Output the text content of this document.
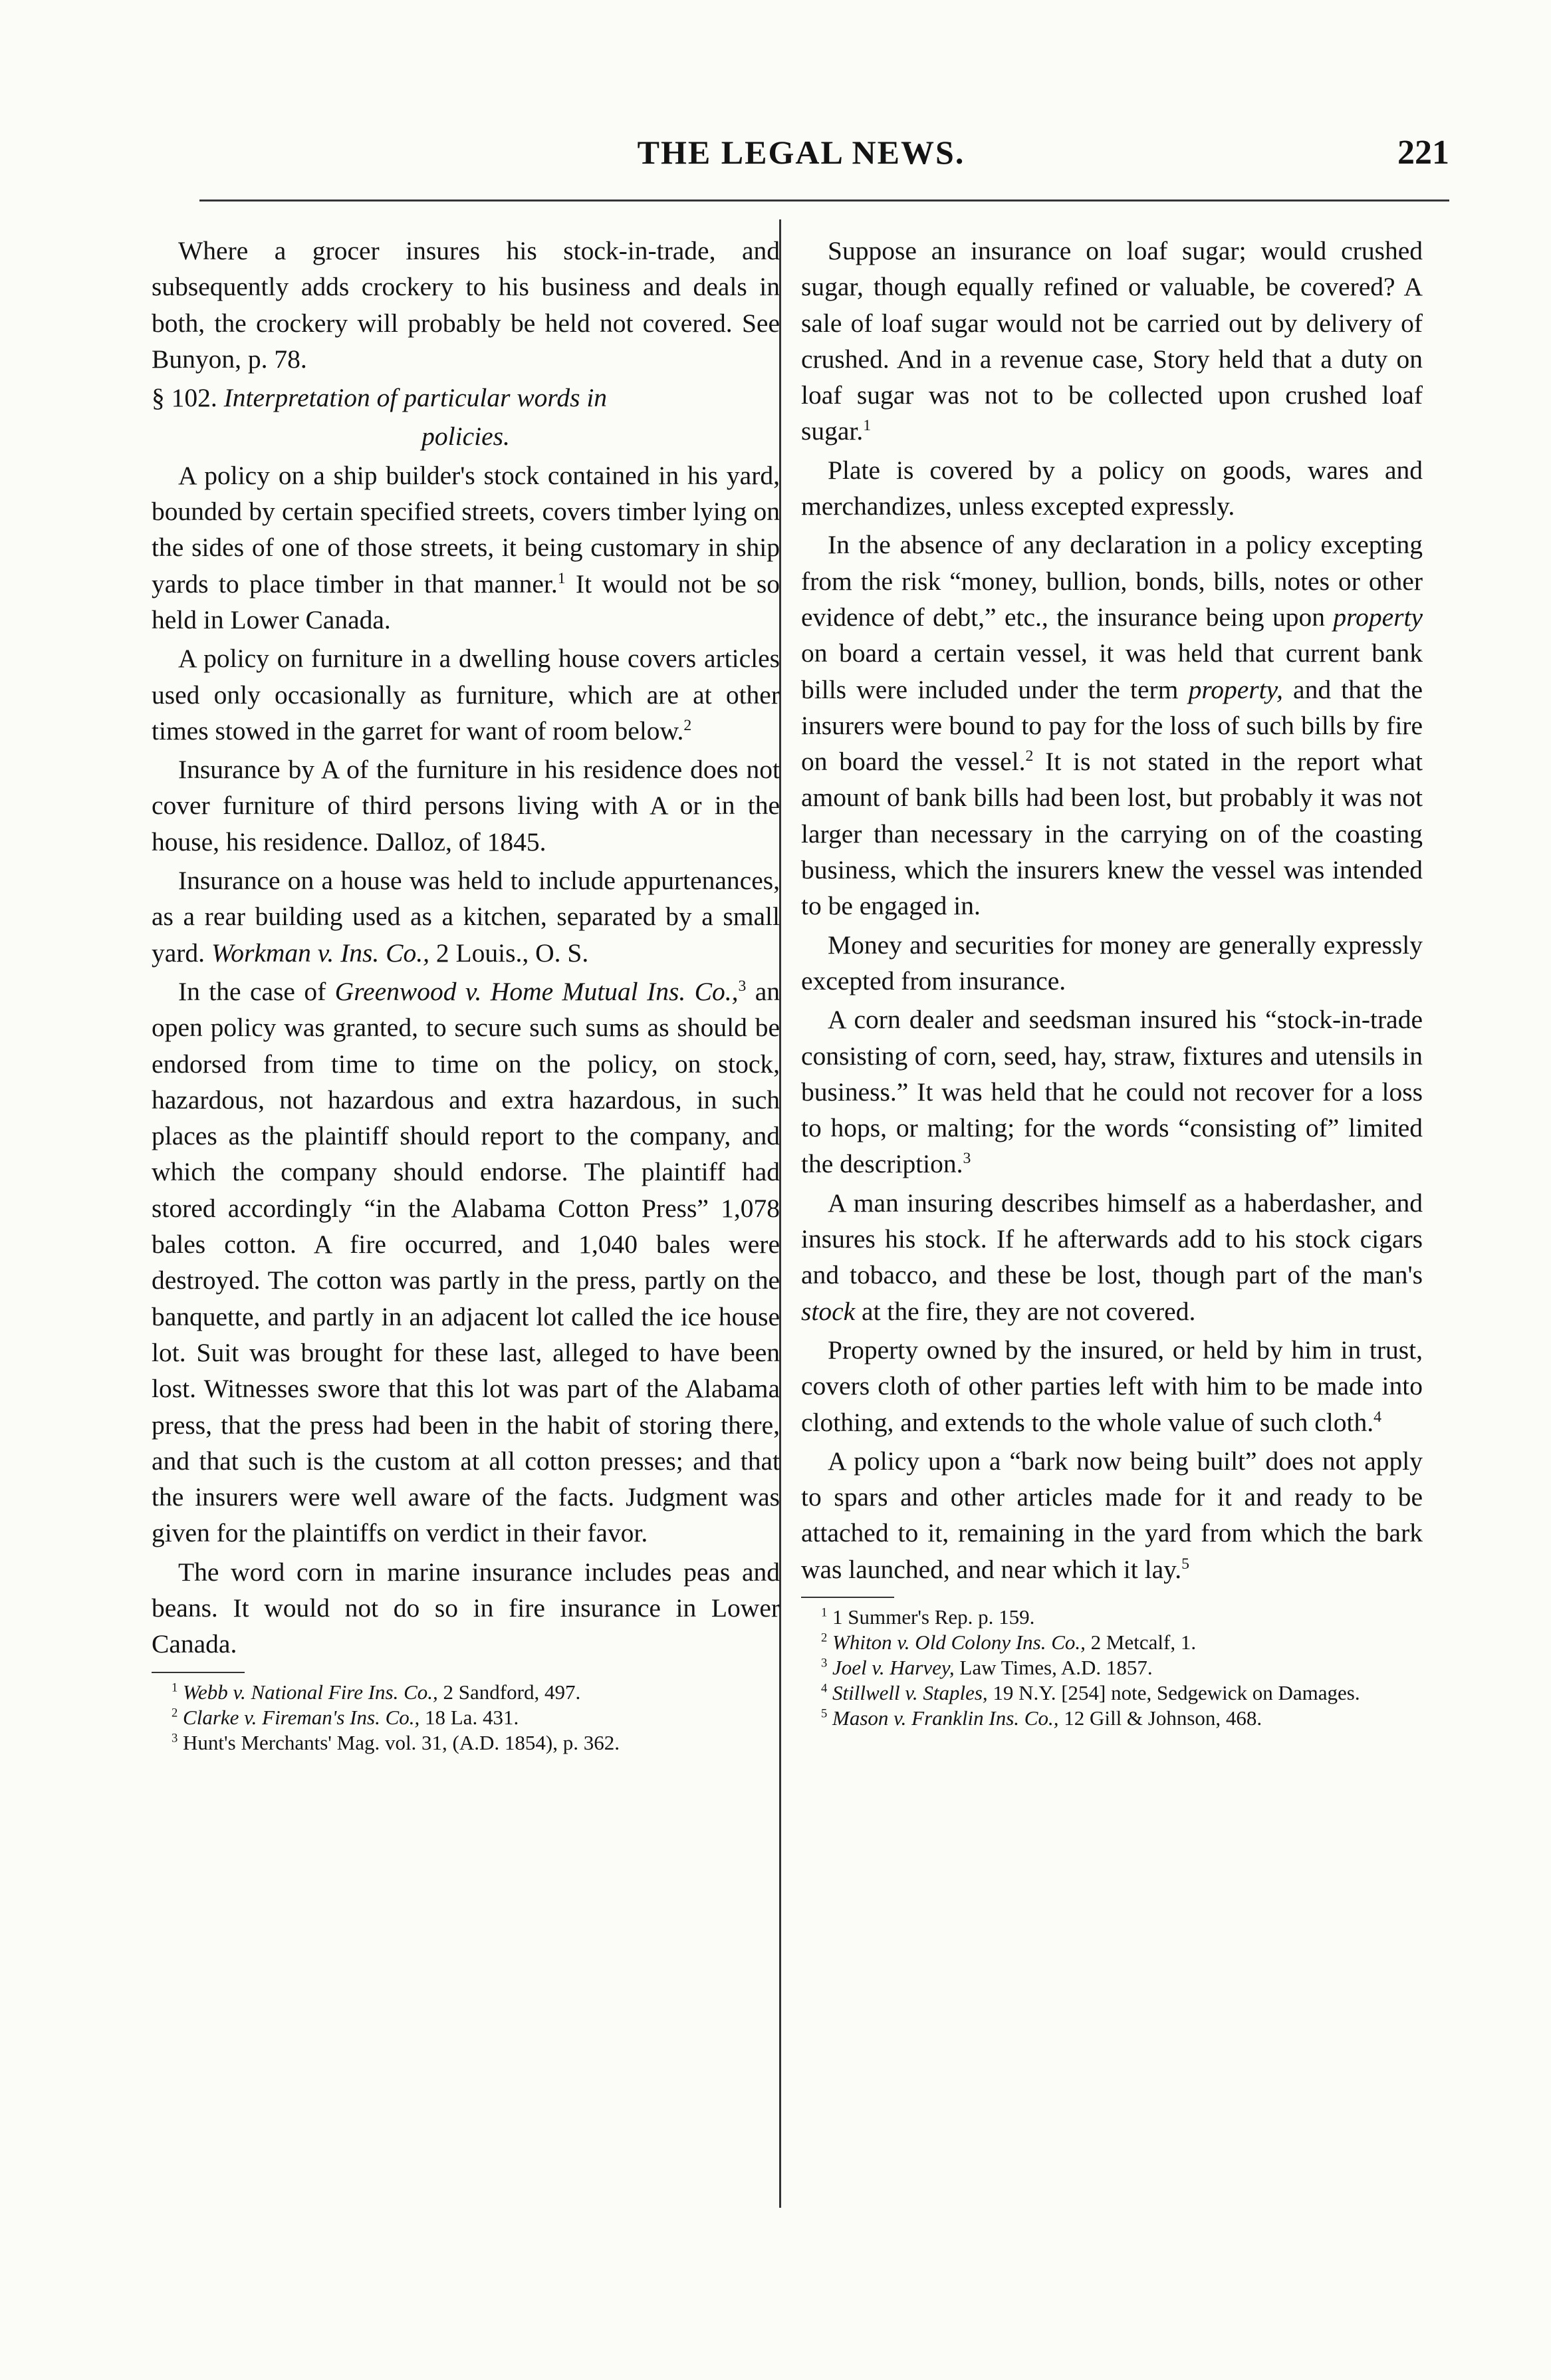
THE LEGAL NEWS.	221

Where a grocer insures his stock-in-trade, and subsequently adds crockery to his business and deals in both, the crockery will probably be held not covered. See Bunyon, p. 78.

§ 102. Interpretation of particular words in

policies.

A policy on a ship builder's stock contained in his yard, bounded by certain specified streets, covers timber lying on the sides of one of those streets, it being customary in ship yards to place timber in that manner.$^1$ It would not be so held in Lower Canada.

A policy on furniture in a dwelling house covers articles used only occasionally as furniture, which are at other times stowed in the garret for want of room below.$^2$

Insurance by A of the furniture in his residence does not cover furniture of third persons living with A or in the house, his residence. Dalloz, of 1845.

Insurance on a house was held to include appurtenances, as a rear building used as a kitchen, separated by a small yard. Workman v. Ins. Co., 2 Louis., O. S.

In the case of Greenwood v. Home Mutual Ins. Co.,$^3$ an open policy was granted, to secure such sums as should be endorsed from time to time on the policy, on stock, hazardous, not hazardous and extra hazardous, in such places as the plaintiff should report to the company, and which the company should endorse. The plaintiff had stored accordingly “in the Alabama Cotton Press” 1,078 bales cotton. A fire occurred, and 1,040 bales were destroyed. The cotton was partly in the press, partly on the banquette, and partly in an adjacent lot called the ice house lot. Suit was brought for these last, alleged to have been lost. Witnesses swore that this lot was part of the Alabama press, that the press had been in the habit of storing there, and that such is the custom at all cotton presses; and that the insurers were well aware of the facts. Judgment was given for the plaintiffs on verdict in their favor.

The word corn in marine insurance includes peas and beans. It would not do so in fire insurance in Lower Canada.

$^1$ Webb v. National Fire Ins. Co., 2 Sandford, 497.
$^2$ Clarke v. Fireman's Ins. Co., 18 La. 431.
$^3$ Hunt's Merchants' Mag. vol. 31, (A.D. 1854), p. 362.

Suppose an insurance on loaf sugar; would crushed sugar, though equally refined or valuable, be covered? A sale of loaf sugar would not be carried out by delivery of crushed. And in a revenue case, Story held that a duty on loaf sugar was not to be collected upon crushed loaf sugar.$^1$

Plate is covered by a policy on goods, wares and merchandizes, unless excepted expressly.

In the absence of any declaration in a policy excepting from the risk “money, bullion, bonds, bills, notes or other evidence of debt,” etc., the insurance being upon property on board a certain vessel, it was held that current bank bills were included under the term property, and that the insurers were bound to pay for the loss of such bills by fire on board the vessel.$^2$ It is not stated in the report what amount of bank bills had been lost, but probably it was not larger than necessary in the carrying on of the coasting business, which the insurers knew the vessel was intended to be engaged in.

Money and securities for money are generally expressly excepted from insurance.

A corn dealer and seedsman insured his “stock-in-trade consisting of corn, seed, hay, straw, fixtures and utensils in business.” It was held that he could not recover for a loss to hops, or malting; for the words “consisting of” limited the description.$^3$

A man insuring describes himself as a haberdasher, and insures his stock. If he afterwards add to his stock cigars and tobacco, and these be lost, though part of the man's stock at the fire, they are not covered.

Property owned by the insured, or held by him in trust, covers cloth of other parties left with him to be made into clothing, and extends to the whole value of such cloth.$^4$

A policy upon a “bark now being built” does not apply to spars and other articles made for it and ready to be attached to it, remaining in the yard from which the bark was launched, and near which it lay.$^5$

$^1$ 1 Summer's Rep. p. 159.
$^2$ Whiton v. Old Colony Ins. Co., 2 Metcalf, 1.
$^3$ Joel v. Harvey, Law Times, A.D. 1857.
$^4$ Stillwell v. Staples, 19 N.Y. [254] note, Sedgewick on Damages.
$^5$ Mason v. Franklin Ins. Co., 12 Gill & Johnson, 468.
